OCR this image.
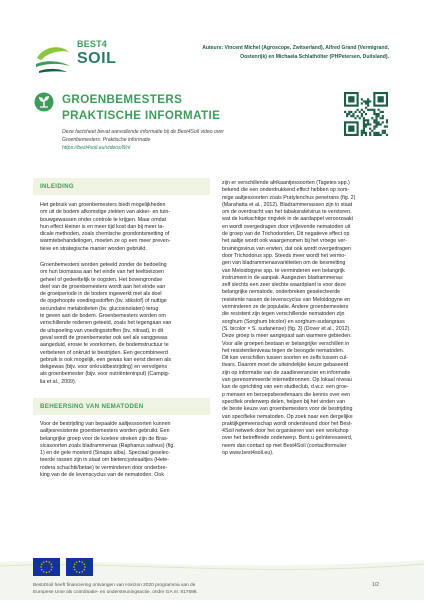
BEST4
SOIL
Auteurs: Vincent Michel (Agroscope, Zwitserland), Alfred Grand (Vermigrand,
Oostenrijk) en Michaela Schlathölter (PHPetersen, Duitsland).
GROENBEMESTERS
PRAKTISCHE INFORMATIE
Deze factsheet bevat aanvullende informatie bij de Best4Soil video over
Groenbemesters: Praktische informatie
https://best4soil.eu/videos/8/nl
INLEIDING
Het gebruik van groenbemesters biedt mogelijkheden
om uit de bodem afkomstige ziekten van akker- en tuin-
bouwgewassen onder controle te krijgen. Maar omdat
hun effect kleiner is en meer tijd kost dan bij meer ta-
dicale methoden, zoals chemische grondontsmetting of
warmtebehandelingen, moeten ze op een meer preven-
tieve en strategische manier worden gebruikt.
Groenbemesters worden geteeld zonder de bedoeling
om hun biomassa aan het einde van het teeltseizoen
geheel of gedeeltelijk te oogsten. Het bovengrondse
deel van de groenbemesters wordt aan het einde van
de groeiperiode in de bodem ingewerkt met als doel
de opgehoopte voedingsstoffen (bv. stikstof) of nuttige
secundaire metabolieten (bv. glucosinolaten) terug
te geven aan de bodem. Groenbemesters worden om
verschillende redenen geteeld, zoals het tegengaan van
de uitspoeling van voedingsstoffen (bv. nitraat), in dit
geval wordt de groenbemester ook wel als vanggewas
aangeduid, erosie te voorkomen, de bodemstructuur te
verbeteren of onkruid te bestrijden. Een gecombineerd
gebruik is ook mogelijk, een gewas kan eerst dienen als
dekgewas (bijv. voor onkruidbestrijding) en vervolgens
als groenbemester (bijv. voor nutriënteninput) (Campig-
lia et al., 2009).
BEHEERSING VAN NEMATODEN
Voor de bestrijding van bepaalde aaltjessoorten kunnen
aaltjesresistente groenbemesters worden gebruikt. Een
belangrijke groep voor de koelere streken zijn de Bras-
sicasoorten zoals bladrammenas (Raphanus sativus) (fig.
1) en de gele mosterd (Sinapis alba). Speciaal geselec-
teerde rassen zijn in staat om bietencysteaaltjes (Hete-
rodera schachtii/betae) te verminderen door onderbre-
king van de de levenscyclus van de nematoden. Ook
zijn er verschillende afrikaantjessoorten (Tagetes spp.)
bekend die een onderdrukkend effect hebben op som-
mige aaltjessoorten zoals Pratylenchus penetrans (fig. 2)
(Marahatta et al., 2012). Bladrammenassen zijn in staat
om de overdracht van het tabaksratelvirus te verstoren,
wat de kurkachtige ringvlek in de aardappel veroorzaakt
en wordt overgedragen door vrijlevende nematoden uit
de groep van de Trichodoriden. Dit negatieve effect op
het aaltje wordt ook waargenomen bij het vroege ver-
bruiningsvirus van erwten, dat ook wordt overgedragen
door Trichodorus spp. Steeds meer wordt het vermo-
gen van bladrammenasvariëteiten om de besmetting
van Meloidogyne spp. te verminderen een belangrijk
instrument in de aanpak. Aangezien bladrammenas
zelf slechts een zeer slechte waardplant is voor deze
belangrijke nematode, onderbreken geselecteerde
resistente rassen de levenscyclus van Meloidogyne en
verminderen ze de populatie. Andere groenbemesters
die resistent zijn tegen verschillende nematoden zijn
sorghum (Sorghum bicolor) en sorghum-sudangrass
(S. bicolor × S. sudanense) (fig. 3) (Dover et al., 2012).
Deze groep is meer aangepast aan warmere gebieden.
Voor alle groepen bestaan er belangrijke verschillen in
het resistentieniveau tegen de beoogde nematoden.
Dit kan verschillen tussen soorten en zelfs tussen cul-
tivars. Daarom moet de uiteindelijke keuze gebaseerd
zijn op informatie van de zaadleverancier en informatie
van gerenommeerde internetbronnen. Op lokaal niveau
kan de oprichting van een studieclub, d.w.z. een groe-
p mensen en beroepsbeoefenaars die kennis over een
specifiek onderwerp delen, helpen bij het vinden van
de beste keuze van groenbemesters voor de bestrijding
van specifieke nematoden. Op zoek naar een dergelijke
praktijkgemeenschap wordt ondersteund door het Best-
4Soil netwerk door het organiseren van een workshop
over het betreffende onderwerp. Bent u geïnteresseerd,
neem dan contact op met Best4Soil (contactformulier
op www.best4soil.eu).
Best4Soil heeft financiering ontvangen van Horizon 2020 programma van de
Europese Unie als coördinatie- en ondersteuningsactie, onder GA nr. 817696.
1/2
